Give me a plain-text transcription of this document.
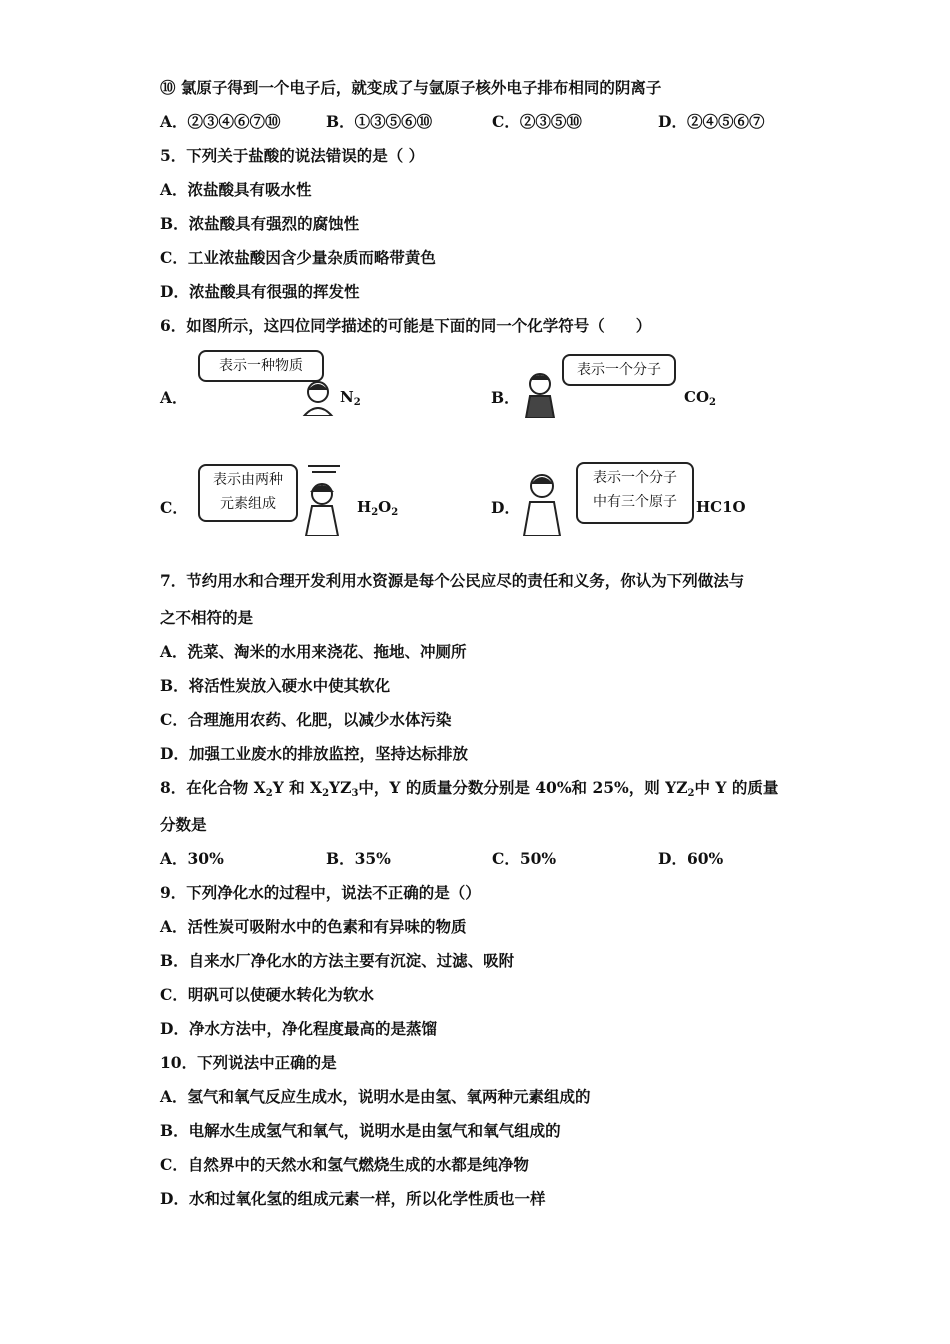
⑩ 氯原子得到一个电子后，就变成了与氩原子核外电子排布相同的阴离子
A．②③④⑥⑦⑩	B．①③⑤⑥⑩	C．②③⑤⑩	D．②④⑤⑥⑦
5．下列关于盐酸的说法错误的是（ ）
A．浓盐酸具有吸水性
B．浓盐酸具有强烈的腐蚀性
C．工业浓盐酸因含少量杂质而略带黄色
D．浓盐酸具有很强的挥发性
6．如图所示，这四位同学描述的可能是下面的同一个化学符号（　　）
A．
表示一种物质
$N_2$	B．
表示一个分子
$CO_2$
C．
表示由两种
元素组成	$H_2O_2$	D．
表示一个分子
中有三个原子	HC1O
7．节约用水和合理开发利用水资源是每个公民应尽的责任和义务，你认为下列做法与
之不相符的是
A．洗菜、淘米的水用来浇花、拖地、冲厕所
B．将活性炭放入硬水中使其软化
C．合理施用农药、化肥，以减少水体污染
D．加强工业废水的排放监控，坚持达标排放
8．在化合物 $X_2Y$ 和 $X_2YZ_3$中，Y 的质量分数分别是 40%和 25%，则 $YZ_2$中 Y 的质量
分数是
A．30%	B．35%	C．50%	D．60%
9．下列净化水的过程中，说法不正确的是（）
A．活性炭可吸附水中的色素和有异味的物质
B．自来水厂净化水的方法主要有沉淀、过滤、吸附
C．明矾可以使硬水转化为软水
D．净水方法中，净化程度最高的是蒸馏
10．下列说法中正确的是
A．氢气和氧气反应生成水，说明水是由氢、氧两种元素组成的
B．电解水生成氢气和氧气，说明水是由氢气和氧气组成的
C．自然界中的天然水和氢气燃烧生成的水都是纯净物
D．水和过氧化氢的组成元素一样，所以化学性质也一样
